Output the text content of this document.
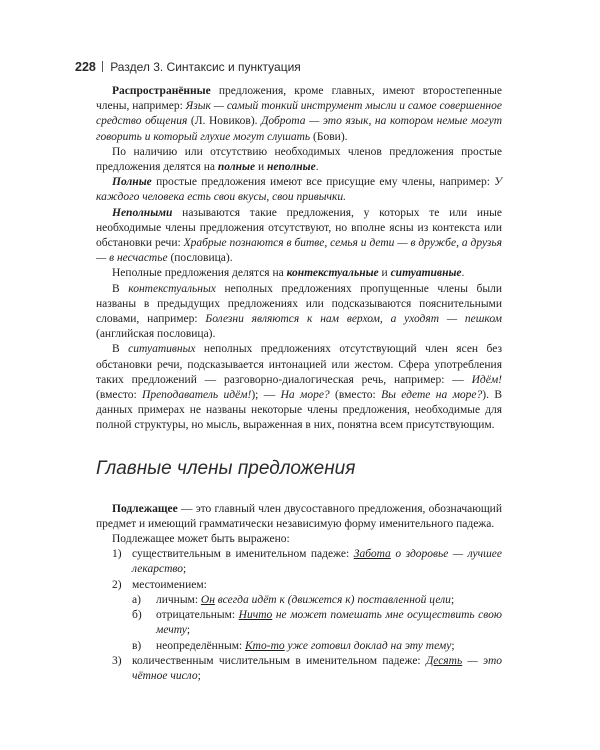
228 Раздел 3. Синтаксис и пунктуация

Распространённые предложения, кроме главных, имеют второстепенные члены, например: Язык — самый тонкий инструмент мысли и самое совершенное средство общения (Л. Новиков). Доброта — это язык, на котором немые могут говорить и который глухие могут слушать (Бови).

По наличию или отсутствию необходимых членов предложения простые предложения делятся на полные и неполные.

Полные простые предложения имеют все присущие ему члены, например: У каждого человека есть свои вкусы, свои привычки.

Неполными называются такие предложения, у которых те или иные необходимые члены предложения отсутствуют, но вполне ясны из контекста или обстановки речи: Храбрые познаются в битве, семья и дети — в дружбе, а друзья — в несчастье (пословица).

Неполные предложения делятся на контекстуальные и ситуативные.

В контекстуальных неполных предложениях пропущенные члены были названы в предыдущих предложениях или подсказываются пояснительными словами, например: Болезни являются к нам верхом, а уходят — пешком (английская пословица).

В ситуативных неполных предложениях отсутствующий член ясен без обстановки речи, подсказывается интонацией или жестом. Сфера употребления таких предложений — разговорно-диалогическая речь, например: — Идём! (вместо: Преподаватель идём!); — На море? (вместо: Вы едете на море?). В данных примерах не названы некоторые члены предложения, необходимые для полной структуры, но мысль, выраженная в них, понятна всем присутствующим.

Главные члены предложения

Подлежащее — это главный член двусоставного предложения, обозначающий предмет и имеющий грамматически независимую форму именительного падежа.

Подлежащее может быть выражено:

1) существительным в именительном падеже: Забота о здоровье — лучшее лекарство;
2) местоимением:
а)	личным: Он всегда идёт к (движется к) поставленной цели;
б)	отрицательным: Ничто не может помешать мне осуществить свою мечту;
в)	неопределённым: Кто-то уже готовил доклад на эту тему;
3) количественным числительным в именительном падеже: Десять — это чётное число;
